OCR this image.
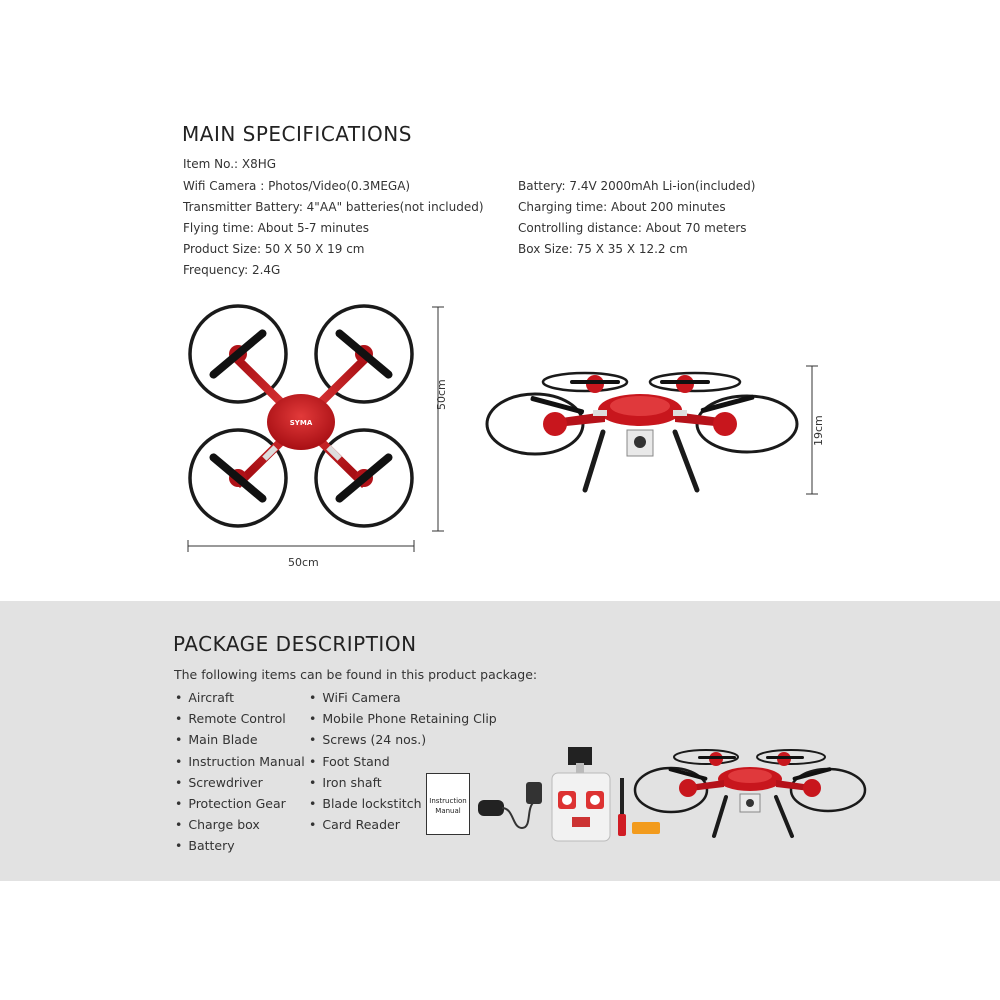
MAIN SPECIFICATIONS
Item No.: X8HG
Wifi Camera : Photos/Video(0.3MEGA)
Transmitter Battery: 4"AA" batteries(not included)
Flying time: About 5-7 minutes
Product Size: 50 X 50 X 19 cm
Frequency: 2.4G
Battery: 7.4V 2000mAh Li-ion(included)
Charging time: About 200 minutes
Controlling distance: About 70 meters
Box Size: 75 X 35 X 12.2 cm
SYMA
50cm
50cm
19cm
PACKAGE DESCRIPTION
The following items can be found in this product package:
• Aircraft
• Remote Control
• Main Blade
• Instruction Manual
• Screwdriver
• Protection Gear
• Charge box
• Battery
• WiFi Camera
• Mobile Phone Retaining Clip
• Screws (24 nos.)
• Foot Stand
• Iron shaft
• Blade lockstitch
• Card Reader
Instruction
Manual
